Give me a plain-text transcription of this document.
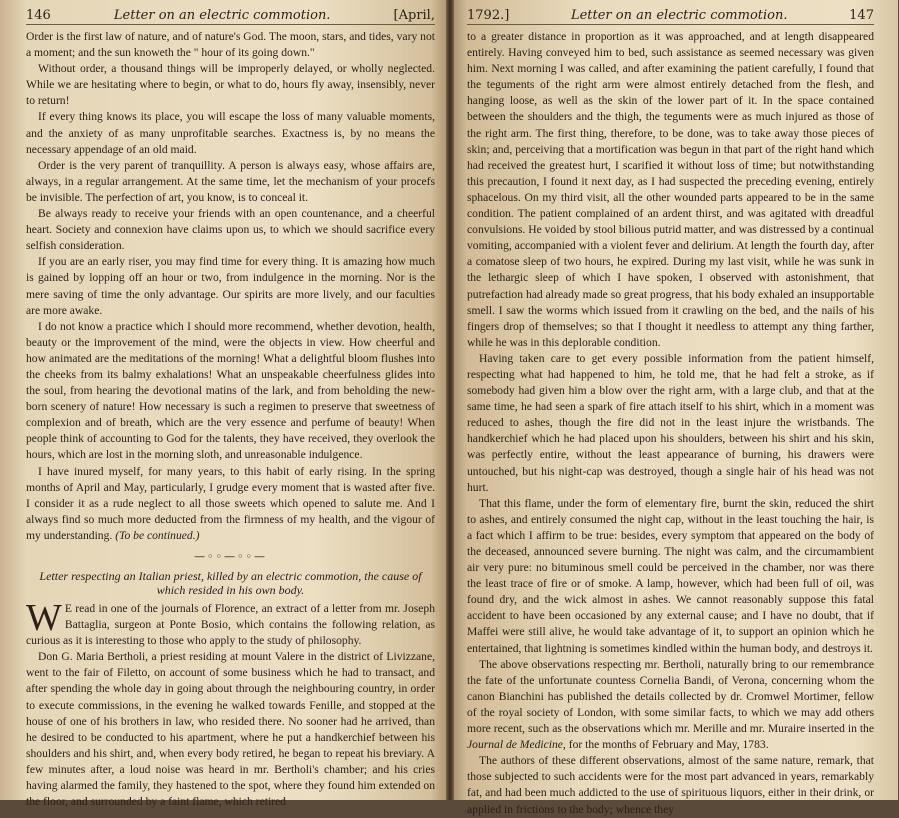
146	Letter on an electric commotion.	[April,

Order is the first law of nature, and of nature's God. The moon, stars, and tides, vary not a moment; and the sun knoweth the " hour of its going down."

Without order, a thousand things will be improperly delayed, or wholly neglected. While we are hesitating where to begin, or what to do, hours fly away, insensibly, never to return!

If every thing knows its place, you will escape the loss of many valuable moments, and the anxiety of as many unprofitable searches. Exactness is, by no means the necessary appendage of an old maid.

Order is the very parent of tranquillity. A person is always easy, whose affairs are, always, in a regular arrangement. At the same time, let the mechanism of your procefs be invisible. The perfection of art, you know, is to conceal it.

Be always ready to receive your friends with an open countenance, and a cheerful heart. Society and connexion have claims upon us, to which we should sacrifice every selfish consideration.

If you are an early riser, you may find time for every thing. It is amazing how much is gained by lopping off an hour or two, from indulgence in the morning. Nor is the mere saving of time the only advantage. Our spirits are more lively, and our faculties are more awake.

I do not know a practice which I should more recommend, whether devotion, health, beauty or the improvement of the mind, were the objects in view. How cheerful and how animated are the meditations of the morning! What a delightful bloom flushes into the cheeks from its balmy exhalations! What an unspeakable cheerfulness glides into the soul, from hearing the devotional matins of the lark, and from beholding the new-born scenery of nature! How necessary is such a regimen to preserve that sweetness of complexion and of breath, which are the very essence and perfume of beauty! When people think of accounting to God for the talents, they have received, they overlook the hours, which are lost in the morning sloth, and unreasonable indulgence.

I have inured myself, for many years, to this habit of early rising. In the spring months of April and May, particularly, I grudge every moment that is wasted after five. I consider it as a rude neglect to all those sweets which opened to salute me. And I always find so much more deducted from the firmness of my health, and the vigour of my understanding. (To be continued.)

—◦◦—◦◦—
Letter respecting an Italian priest, killed by an electric commotion, the cause of which resided in his own body.

W E read in one of the journals of Florence, an extract of a letter from mr. Joseph Battaglia, surgeon at Ponte Bosio, which contains the following relation, as curious as it is interesting to those who apply to the study of philosophy.

Don G. Maria Bertholi, a priest residing at mount Valere in the district of Livizzane, went to the fair of Filetto, on account of some business which he had to transact, and after spending the whole day in going about through the neighbouring country, in order to execute commissions, in the evening he walked towards Fenille, and stopped at the house of one of his brothers in law, who resided there. No sooner had he arrived, than he desired to be conducted to his apartment, where he put a handkerchief between his shoulders and his shirt, and, when every body retired, he began to repeat his breviary. A few minutes after, a loud noise was heard in mr. Bertholi's chamber; and his cries having alarmed the family, they hastened to the spot, where they found him extended on the floor, and surrounded by a faint flame, which retired

1792.]	Letter on an electric commotion.	147

to a greater distance in proportion as it was approached, and at length disappeared entirely. Having conveyed him to bed, such assistance as seemed necessary was given him. Next morning I was called, and after examining the patient carefully, I found that the teguments of the right arm were almost entirely detached from the flesh, and hanging loose, as well as the skin of the lower part of it. In the space contained between the shoulders and the thigh, the teguments were as much injured as those of the right arm. The first thing, therefore, to be done, was to take away those pieces of skin; and, perceiving that a mortification was begun in that part of the right hand which had received the greatest hurt, I scarified it without loss of time; but notwithstanding this precaution, I found it next day, as I had suspected the preceding evening, entirely sphacelous. On my third visit, all the other wounded parts appeared to be in the same condition. The patient complained of an ardent thirst, and was agitated with dreadful convulsions. He voided by stool bilious putrid matter, and was distressed by a continual vomiting, accompanied with a violent fever and delirium. At length the fourth day, after a comatose sleep of two hours, he expired. During my last visit, while he was sunk in the lethargic sleep of which I have spoken, I observed with astonishment, that putrefaction had already made so great progress, that his body exhaled an insupportable smell. I saw the worms which issued from it crawling on the bed, and the nails of his fingers drop of themselves; so that I thought it needless to attempt any thing farther, while he was in this deplorable condition.

Having taken care to get every possible information from the patient himself, respecting what had happened to him, he told me, that he had felt a stroke, as if somebody had given him a blow over the right arm, with a large club, and that at the same time, he had seen a spark of fire attach itself to his shirt, which in a moment was reduced to ashes, though the fire did not in the least injure the wristbands. The handkerchief which he had placed upon his shoulders, between his shirt and his skin, was perfectly entire, without the least appearance of burning, his drawers were untouched, but his night-cap was destroyed, though a single hair of his head was not hurt.

That this flame, under the form of elementary fire, burnt the skin, reduced the shirt to ashes, and entirely consumed the night cap, without in the least touching the hair, is a fact which I affirm to be true: besides, every symptom that appeared on the body of the deceased, announced severe burning. The night was calm, and the circumambient air very pure: no bituminous smell could be perceived in the chamber, nor was there the least trace of fire or of smoke. A lamp, however, which had been full of oil, was found dry, and the wick almost in ashes. We cannot reasonably suppose this fatal accident to have been occasioned by any external cause; and I have no doubt, that if Maffei were still alive, he would take advantage of it, to support an opinion which he entertained, that lightning is sometimes kindled within the human body, and destroys it.

The above observations respecting mr. Bertholi, naturally bring to our remembrance the fate of the unfortunate countess Cornelia Bandi, of Verona, concerning whom the canon Bianchini has published the details collected by dr. Cromwel Mortimer, fellow of the royal society of London, with some similar facts, to which we may add others more recent, such as the observations which mr. Merille and mr. Muraire inserted in the Journal de Medicine, for the months of February and May, 1783.

The authors of these different observations, almost of the same nature, remark, that those subjected to such accidents were for the most part advanced in years, remarkably fat, and had been much addicted to the use of spirituous liquors, either in their drink, or applied in frictions to the body; whence they
